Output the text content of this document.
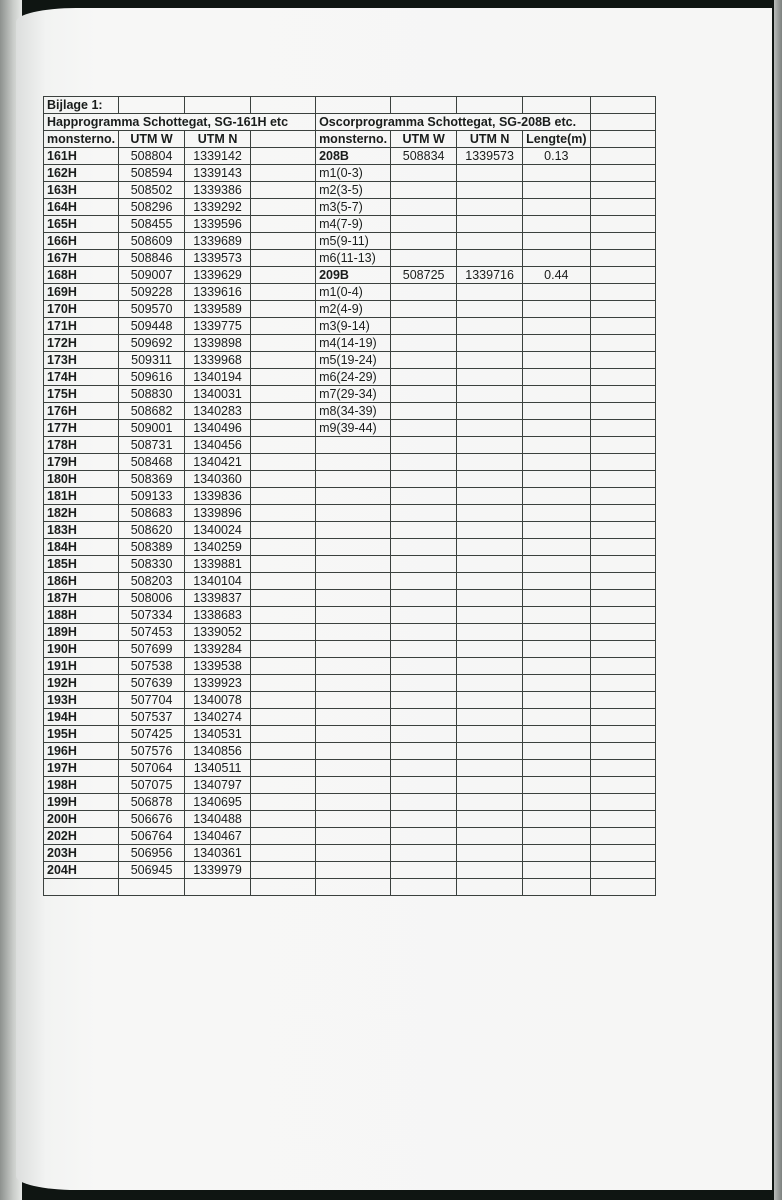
Bijlage 1:								
Happrogramma Schottegat, SG-161H etc				Oscorprogramma Schottegat, SG-208B etc.				
monsterno.	UTM W	UTM N		monsterno.	UTM W	UTM N	Lengte(m)	
161H	508804	1339142		208B	508834	1339573	0.13	
162H	508594	1339143		m1(0-3)				
163H	508502	1339386		m2(3-5)				
164H	508296	1339292		m3(5-7)				
165H	508455	1339596		m4(7-9)				
166H	508609	1339689		m5(9-11)				
167H	508846	1339573		m6(11-13)				
168H	509007	1339629		209B	508725	1339716	0.44	
169H	509228	1339616		m1(0-4)				
170H	509570	1339589		m2(4-9)				
171H	509448	1339775		m3(9-14)				
172H	509692	1339898		m4(14-19)				
173H	509311	1339968		m5(19-24)				
174H	509616	1340194		m6(24-29)				
175H	508830	1340031		m7(29-34)				
176H	508682	1340283		m8(34-39)				
177H	509001	1340496		m9(39-44)				
178H	508731	1340456						
179H	508468	1340421						
180H	508369	1340360						
181H	509133	1339836						
182H	508683	1339896						
183H	508620	1340024						
184H	508389	1340259						
185H	508330	1339881						
186H	508203	1340104						
187H	508006	1339837						
188H	507334	1338683						
189H	507453	1339052						
190H	507699	1339284						
191H	507538	1339538						
192H	507639	1339923						
193H	507704	1340078						
194H	507537	1340274						
195H	507425	1340531						
196H	507576	1340856						
197H	507064	1340511						
198H	507075	1340797						
199H	506878	1340695						
200H	506676	1340488						
202H	506764	1340467						
203H	506956	1340361						
204H	506945	1339979						
